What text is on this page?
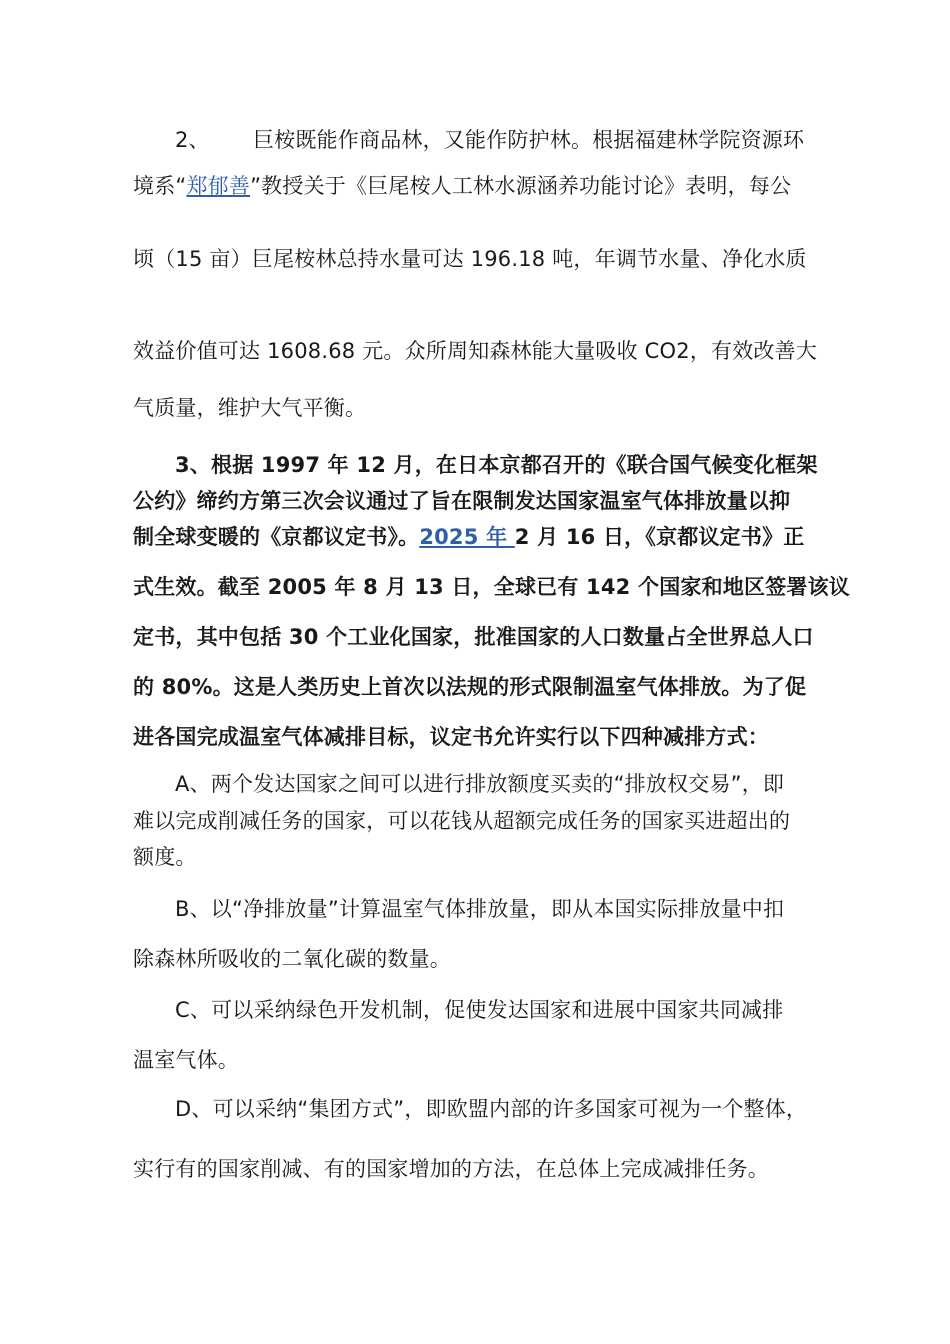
2、 巨桉既能作商品林，又能作防护林。根据福建林学院资源环
境系“郑郁善”教授关于《巨尾桉人工林水源涵养功能讨论》表明，每公
顷（15 亩）巨尾桉林总持水量可达 196.18 吨，年调节水量、净化水质
效益价值可达 1608.68 元。众所周知森林能大量吸收 CO2，有效改善大
气质量，维护大气平衡。
3、根据 1997 年 12 月，在日本京都召开的《联合国气候变化框架
公约》缔约方第三次会议通过了旨在限制发达国家温室气体排放量以抑
制全球变暖的《京都议定书》。2025 年 2 月 16 日，《京都议定书》正
式生效。截至 2005 年 8 月 13 日，全球已有 142 个国家和地区签署该议
定书，其中包括 30 个工业化国家，批准国家的人口数量占全世界总人口
的 80%。这是人类历史上首次以法规的形式限制温室气体排放。为了促
进各国完成温室气体减排目标，议定书允许实行以下四种减排方式：
A、两个发达国家之间可以进行排放额度买卖的“排放权交易”，即
难以完成削减任务的国家，可以花钱从超额完成任务的国家买进超出的
额度。
B、以“净排放量”计算温室气体排放量，即从本国实际排放量中扣
除森林所吸收的二氧化碳的数量。
C、可以采纳绿色开发机制，促使发达国家和进展中国家共同减排
温室气体。
D、可以采纳“集团方式”，即欧盟内部的许多国家可视为一个整体，
实行有的国家削减、有的国家增加的方法，在总体上完成减排任务。
